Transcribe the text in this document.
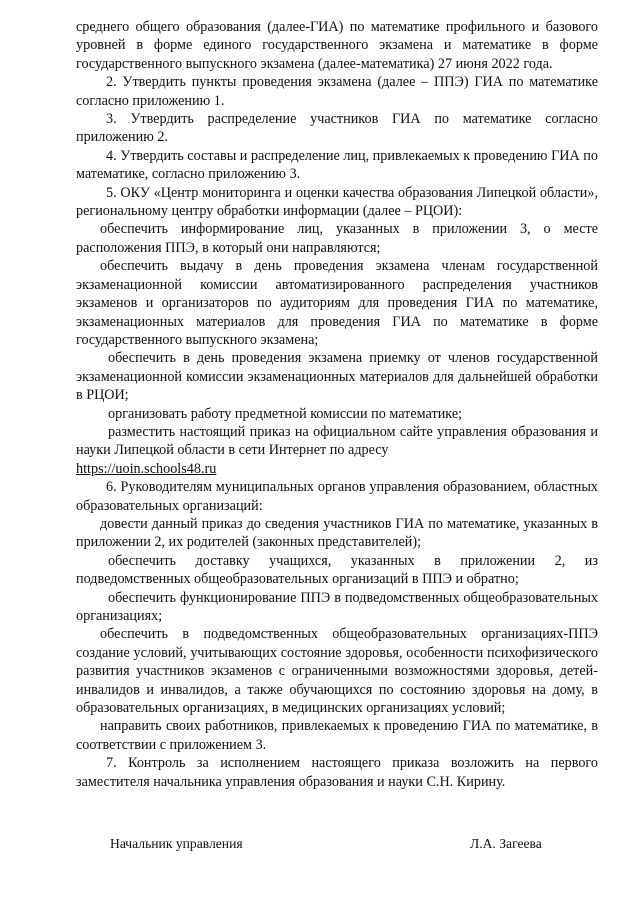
среднего общего образования (далее-ГИА) по математике профильного и базового уровней в форме единого государственного экзамена и математике в форме государственного выпускного экзамена (далее-математика) 27 июня 2022 года.

2. Утвердить пункты проведения экзамена (далее – ППЭ) ГИА по математике согласно приложению 1.

3. Утвердить распределение участников ГИА по математике согласно приложению 2.

4. Утвердить составы и распределение лиц, привлекаемых к проведению ГИА по математике, согласно приложению 3.

5. ОКУ «Центр мониторинга и оценки качества образования Липецкой области», региональному центру обработки информации (далее – РЦОИ):

обеспечить информирование лиц, указанных в приложении 3, о месте расположения ППЭ, в который они направляются;

обеспечить выдачу в день проведения экзамена членам государственной экзаменационной комиссии автоматизированного распределения участников экзаменов и организаторов по аудиториям для проведения ГИА по математике, экзаменационных материалов для проведения ГИА по математике в форме государственного выпускного экзамена;

обеспечить в день проведения экзамена приемку от членов государственной экзаменационной комиссии экзаменационных материалов для дальнейшей обработки в РЦОИ;

организовать работу предметной комиссии по математике;

разместить настоящий приказ на официальном сайте управления образования и науки Липецкой области в сети Интернет по адресу

https://uoin.schools48.ru

6. Руководителям муниципальных органов управления образованием, областных образовательных организаций:

довести данный приказ до сведения участников ГИА по математике, указанных в приложении 2, их родителей (законных представителей);

обеспечить доставку учащихся, указанных в приложении 2, из подведомственных общеобразовательных организаций в ППЭ и обратно;

обеспечить функционирование ППЭ в подведомственных общеобразовательных организациях;

обеспечить в подведомственных общеобразовательных организациях-ППЭ создание условий, учитывающих состояние здоровья, особенности психофизического развития участников экзаменов с ограниченными возможностями здоровья, детей-инвалидов и инвалидов, а также обучающихся по состоянию здоровья на дому, в образовательных организациях, в медицинских организациях условий;

направить своих работников, привлекаемых к проведению ГИА по математике, в соответствии с приложением 3.

7. Контроль за исполнением настоящего приказа возложить на первого заместителя начальника управления образования и науки С.Н. Кирину.

Начальник управления	Л.А. Загеева
